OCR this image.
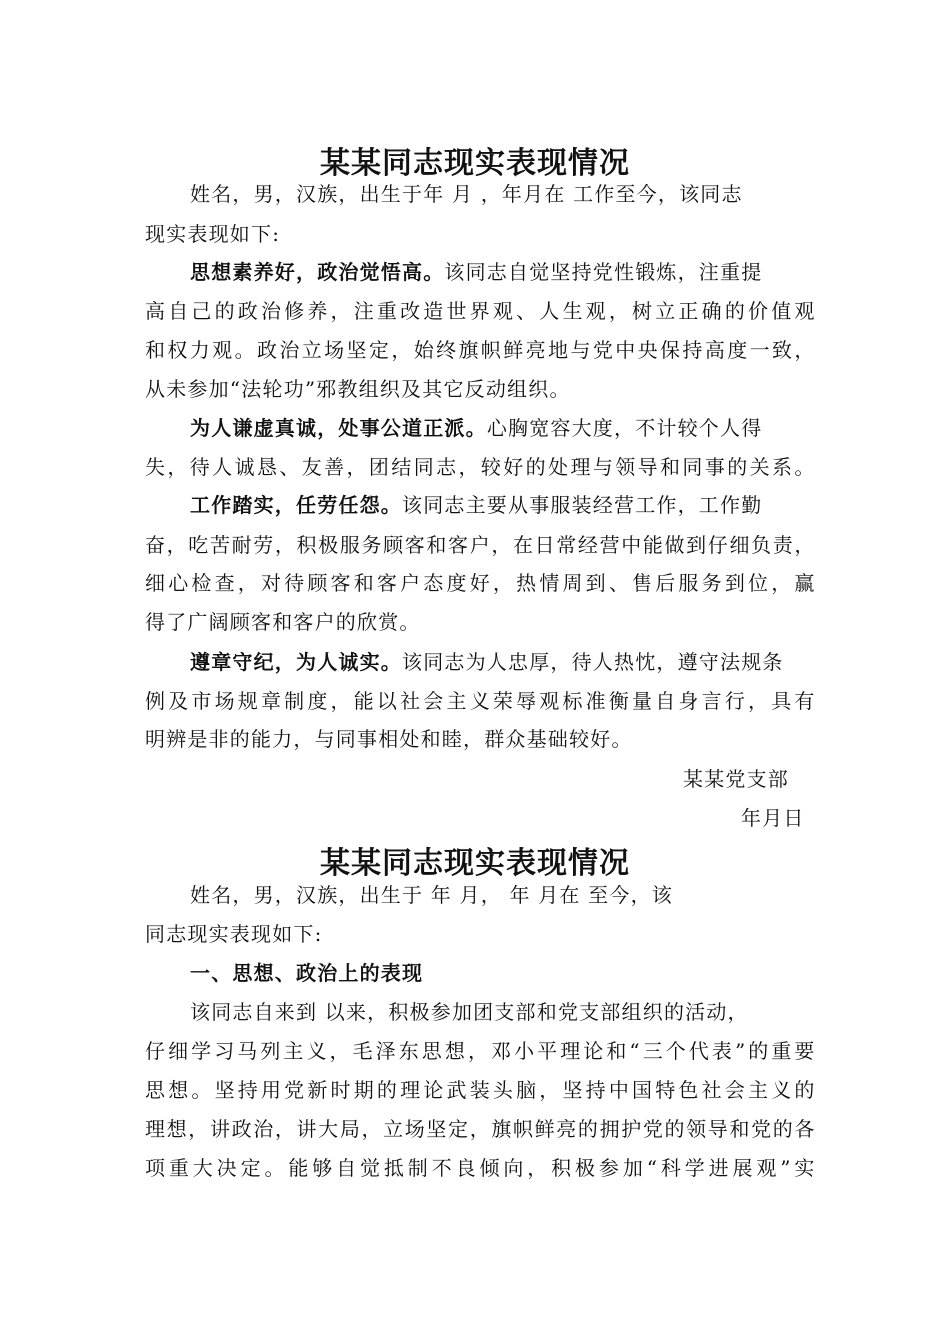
某某同志现实表现情况
姓名，男，汉族，出生于年 月 ，年月在 工作至今，该同志
现实表现如下:
思想素养好，政治觉悟高。该同志自觉坚持党性锻炼，注重提
高自己的政治修养，注重改造世界观、人生观，树立正确的价值观
和权力观。政治立场坚定，始终旗帜鲜亮地与党中央保持高度一致，
从未参加“法轮功”邪教组织及其它反动组织。
为人谦虚真诚，处事公道正派。心胸宽容大度，不计较个人得
失，待人诚恳、友善，团结同志，较好的处理与领导和同事的关系。
工作踏实，任劳任怨。该同志主要从事服装经营工作，工作勤
奋，吃苦耐劳，积极服务顾客和客户，在日常经营中能做到仔细负责，
细心检查，对待顾客和客户态度好，热情周到、售后服务到位，赢
得了广阔顾客和客户的欣赏。
遵章守纪，为人诚实。该同志为人忠厚，待人热忱，遵守法规条
例及市场规章制度，能以社会主义荣辱观标准衡量自身言行，具有
明辨是非的能力，与同事相处和睦，群众基础较好。
某某党支部
年月日
某某同志现实表现情况
姓名，男，汉族，出生于 年 月， 年 月在 至今，该
同志现实表现如下:
一、思想、政治上的表现
该同志自来到 以来，积极参加团支部和党支部组织的活动，
仔细学习马列主义，毛泽东思想，邓小平理论和“三个代表”的重要
思想。坚持用党新时期的理论武装头脑，坚持中国特色社会主义的
理想，讲政治，讲大局，立场坚定，旗帜鲜亮的拥护党的领导和党的各
项重大决定。能够自觉抵制不良倾向，积极参加“科学进展观”实
